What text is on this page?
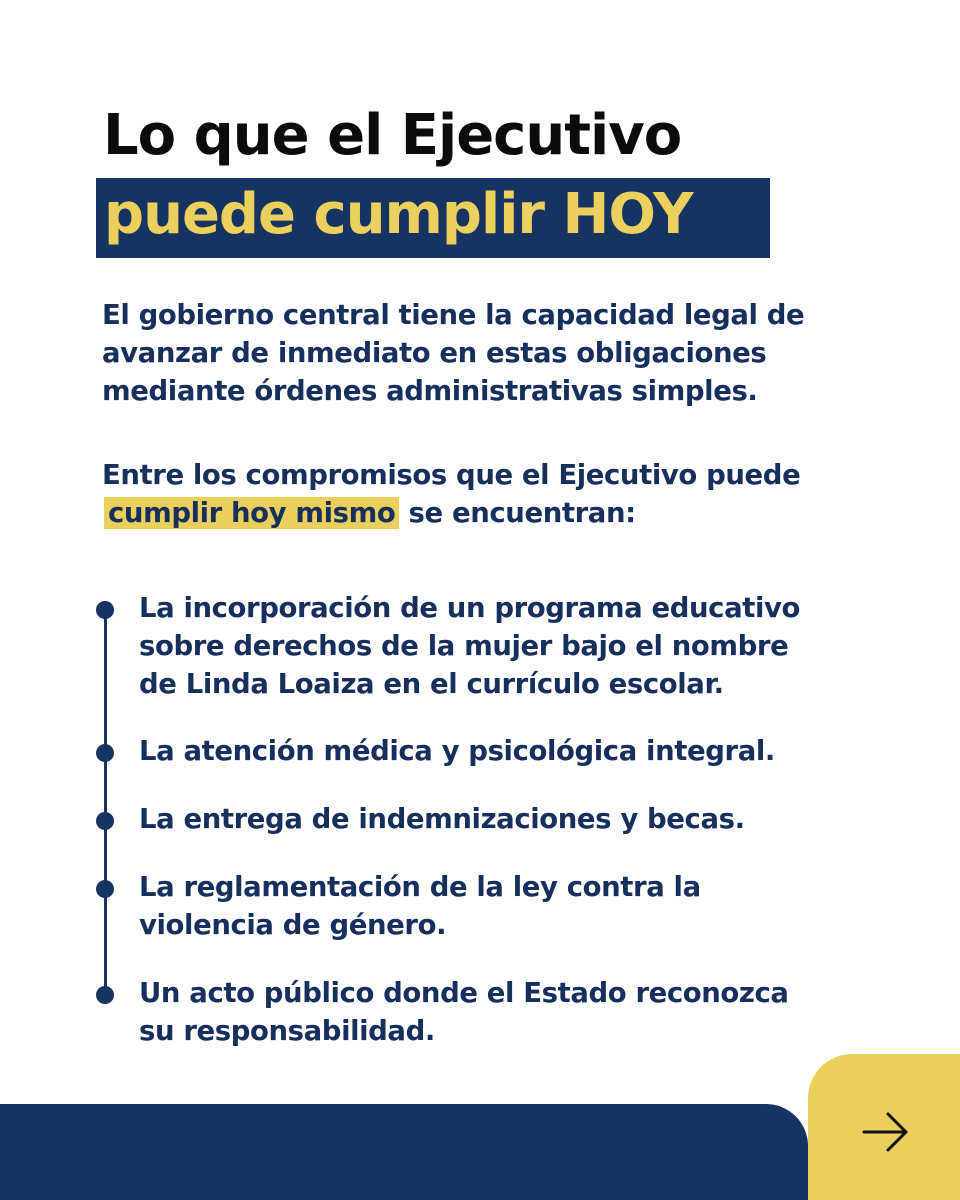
Lo que el Ejecutivo
puede cumplir HOY
El gobierno central tiene la capacidad legal de
avanzar de inmediato en estas obligaciones
mediante órdenes administrativas simples.
Entre los compromisos que el Ejecutivo puede
cumplir hoy mismo se encuentran:
La incorporación de un programa educativo
sobre derechos de la mujer bajo el nombre
de Linda Loaiza en el currículo escolar.
La atención médica y psicológica integral.
La entrega de indemnizaciones y becas.
La reglamentación de la ley contra la
violencia de género.
Un acto público donde el Estado reconozca
su responsabilidad.
